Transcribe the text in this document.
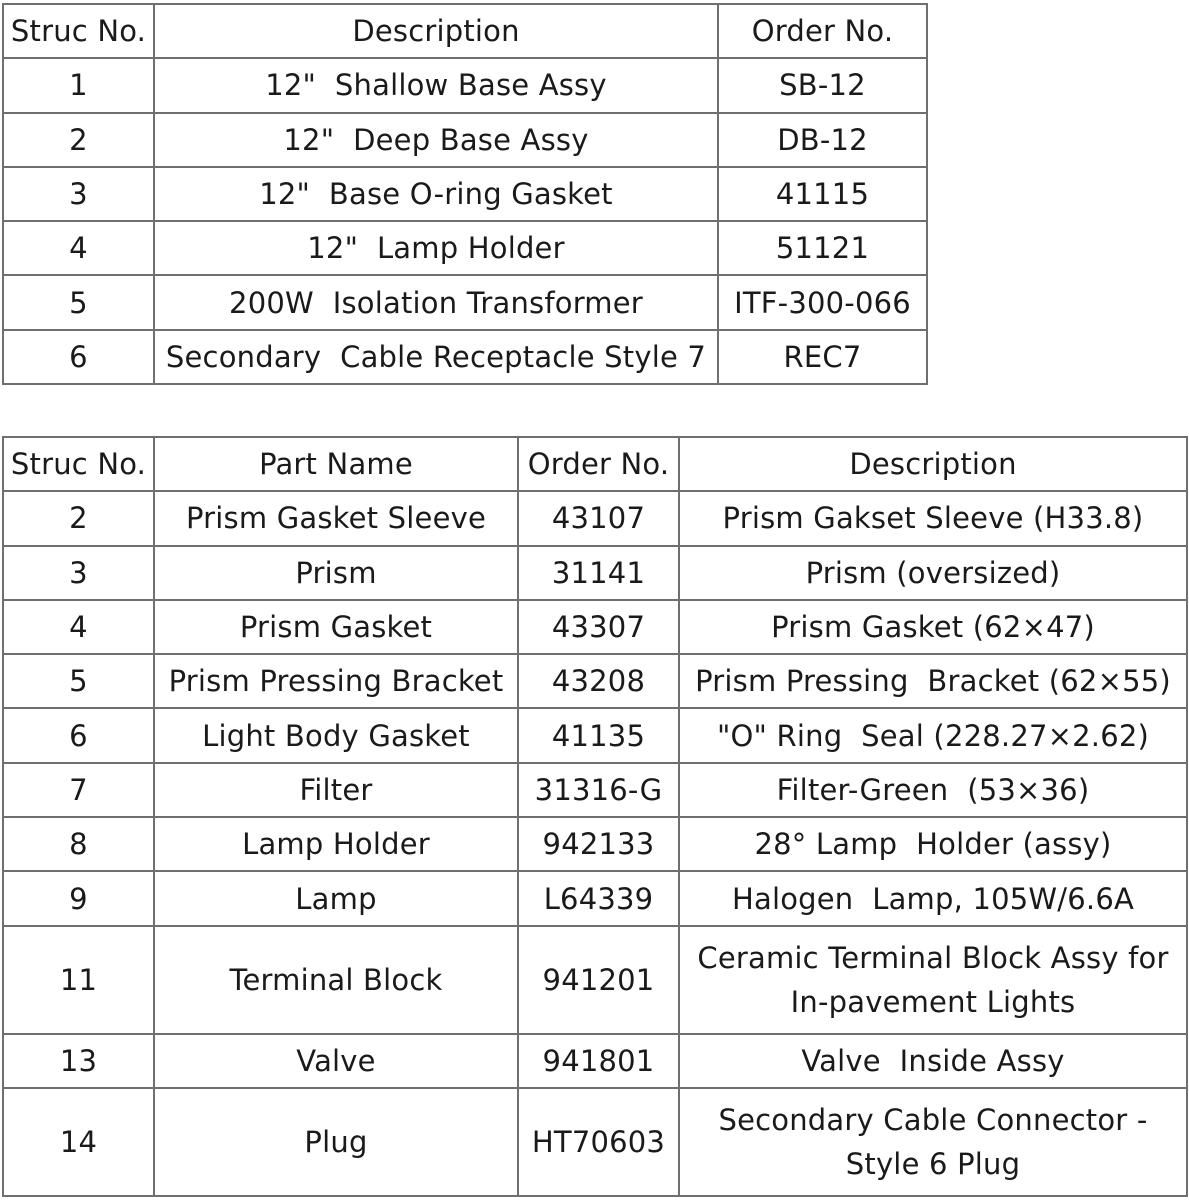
Struc No.	Description	Order No.
1	12"  Shallow Base Assy	SB-12
2	12"  Deep Base Assy	DB-12
3	12"  Base O-ring Gasket	41115
4	12"  Lamp Holder	51121
5	200W  Isolation Transformer	ITF-300-066
6	Secondary  Cable Receptacle Style 7	REC7
Struc No.	Part Name	Order No.	Description
2	Prism Gasket Sleeve	43107	Prism Gakset Sleeve (H33.8)
3	Prism	31141	Prism (oversized)
4	Prism Gasket	43307	Prism Gasket (62×47)
5	Prism Pressing Bracket	43208	Prism Pressing  Bracket (62×55)
6	Light Body Gasket	41135	"O" Ring  Seal (228.27×2.62)
7	Filter	31316-G	Filter-Green  (53×36)
8	Lamp Holder	942133	28° Lamp  Holder (assy)
9	Lamp	L64339	Halogen  Lamp, 105W/6.6A
11	Terminal Block	941201	Ceramic Terminal Block Assy for In-pavement Lights
13	Valve	941801	Valve  Inside Assy
14	Plug	HT70603	Secondary Cable Connector -Style 6 Plug
